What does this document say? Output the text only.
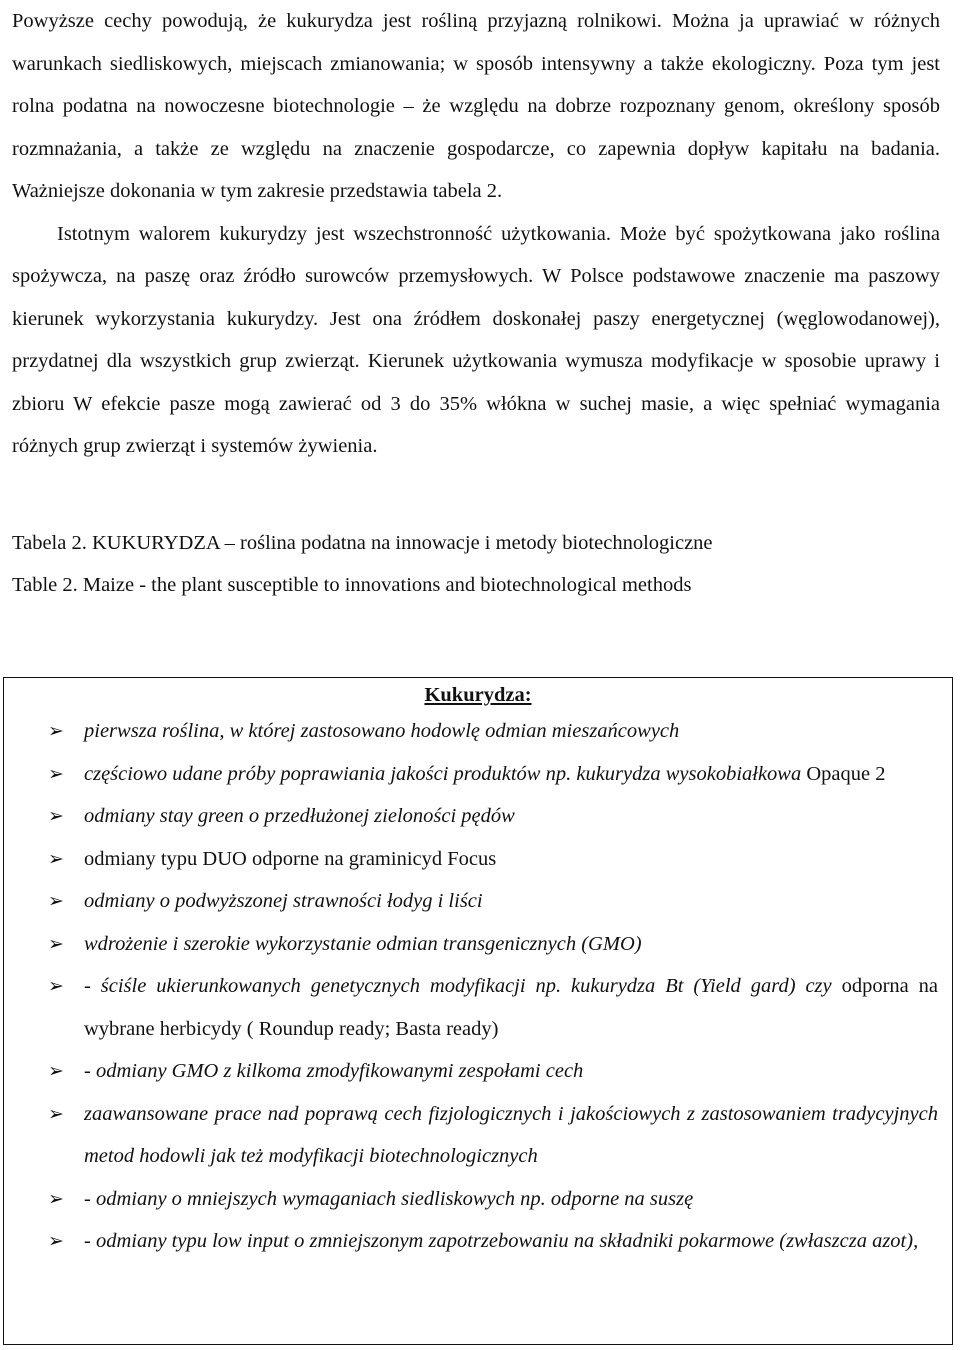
Powyższe cechy powodują, że kukurydza jest rośliną przyjazną rolnikowi. Można ja uprawiać w różnych warunkach siedliskowych, miejscach zmianowania; w sposób intensywny a także ekologiczny. Poza tym jest rolna podatna na nowoczesne biotechnologie – że względu na dobrze rozpoznany genom, określony sposób rozmnażania, a także ze względu na znaczenie gospodarcze, co zapewnia dopływ kapitału na badania. Ważniejsze dokonania w tym zakresie przedstawia tabela 2.

Istotnym walorem kukurydzy jest wszechstronność użytkowania. Może być spożytkowana jako roślina spożywcza, na paszę oraz źródło surowców przemysłowych. W Polsce podstawowe znaczenie ma paszowy kierunek wykorzystania kukurydzy. Jest ona źródłem doskonałej paszy energetycznej (węglowodanowej), przydatnej dla wszystkich grup zwierząt. Kierunek użytkowania wymusza modyfikacje w sposobie uprawy i zbioru W efekcie pasze mogą zawierać od 3 do 35% włókna w suchej masie, a więc spełniać wymagania różnych grup zwierząt i systemów żywienia.

Tabela 2. KUKURYDZA – roślina podatna na innowacje i metody biotechnologiczne

Table 2. Maize - the plant susceptible to innovations and biotechnological methods

Kukurydza:
➢ pierwsza roślina, w której zastosowano hodowlę odmian mieszańcowych
➢ częściowo udane próby poprawiania jakości produktów np. kukurydza wysokobiałkowa Opaque 2
➢ odmiany stay green o przedłużonej zieloności pędów
➢ odmiany typu DUO odporne na graminicyd Focus
➢ odmiany o podwyższonej strawności łodyg i liści
➢ wdrożenie i szerokie wykorzystanie odmian transgenicznych (GMO)
➢ - ściśle ukierunkowanych genetycznych modyfikacji np. kukurydza Bt (Yield gard) czy odporna na wybrane herbicydy ( Roundup ready; Basta ready)
➢ - odmiany GMO z kilkoma zmodyfikowanymi zespołami cech
➢ zaawansowane prace nad poprawą cech fizjologicznych i jakościowych z zastosowaniem tradycyjnych metod hodowli jak też modyfikacji biotechnologicznych
➢ - odmiany o mniejszych wymaganiach siedliskowych np. odporne na suszę
➢ - odmiany typu low input o zmniejszonym zapotrzebowaniu na składniki pokarmowe (zwłaszcza azot),
